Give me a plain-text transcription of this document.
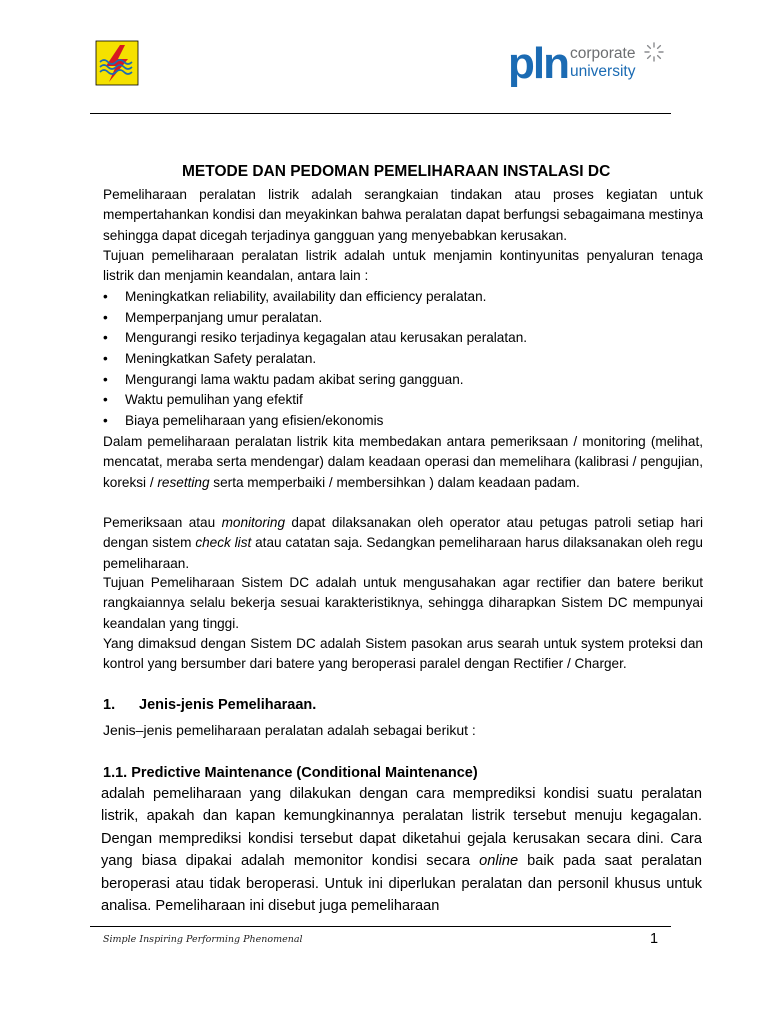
pln corporate
university
METODE DAN PEDOMAN PEMELIHARAAN INSTALASI DC
Pemeliharaan peralatan listrik adalah serangkaian tindakan atau proses kegiatan untuk mempertahankan kondisi dan meyakinkan bahwa peralatan dapat berfungsi sebagaimana mestinya sehingga dapat dicegah terjadinya gangguan yang menyebabkan kerusakan.
Tujuan pemeliharaan peralatan listrik adalah untuk menjamin kontinyunitas penyaluran tenaga listrik dan menjamin keandalan, antara lain :
•	Meningkatkan reliability, availability dan efficiency peralatan.
•	Memperpanjang umur peralatan.
•	Mengurangi resiko terjadinya kegagalan atau kerusakan peralatan.
•	Meningkatkan Safety peralatan.
•	Mengurangi lama waktu padam akibat sering gangguan.
•	Waktu pemulihan yang efektif
•	Biaya pemeliharaan yang efisien/ekonomis
Dalam pemeliharaan peralatan listrik kita membedakan antara pemeriksaan / monitoring (melihat, mencatat, meraba serta mendengar) dalam keadaan operasi dan memelihara (kalibrasi / pengujian, koreksi / resetting serta memperbaiki / membersihkan ) dalam keadaan padam.
Pemeriksaan atau monitoring dapat dilaksanakan oleh operator atau petugas patroli setiap hari dengan sistem check list atau catatan saja. Sedangkan pemeliharaan harus dilaksanakan oleh regu pemeliharaan.
Tujuan Pemeliharaan Sistem DC adalah untuk mengusahakan agar rectifier dan batere berikut rangkaiannya selalu bekerja sesuai karakteristiknya, sehingga diharapkan Sistem DC mempunyai keandalan yang tinggi.
Yang dimaksud dengan Sistem DC adalah Sistem pasokan arus searah untuk system proteksi dan kontrol yang bersumber dari batere yang beroperasi paralel dengan Rectifier / Charger.
1. Jenis-jenis Pemeliharaan.
Jenis–jenis pemeliharaan peralatan adalah sebagai berikut :
1.1. Predictive Maintenance (Conditional Maintenance)
adalah pemeliharaan yang dilakukan dengan cara memprediksi kondisi suatu peralatan listrik, apakah dan kapan kemungkinannya peralatan listrik tersebut menuju kegagalan. Dengan memprediksi kondisi tersebut dapat diketahui gejala kerusakan secara dini. Cara yang biasa dipakai adalah memonitor kondisi secara online baik pada saat peralatan beroperasi atau tidak beroperasi. Untuk ini diperlukan peralatan dan personil khusus untuk analisa. Pemeliharaan ini disebut juga pemeliharaan
Simple Inspiring Performing Phenomenal	1
